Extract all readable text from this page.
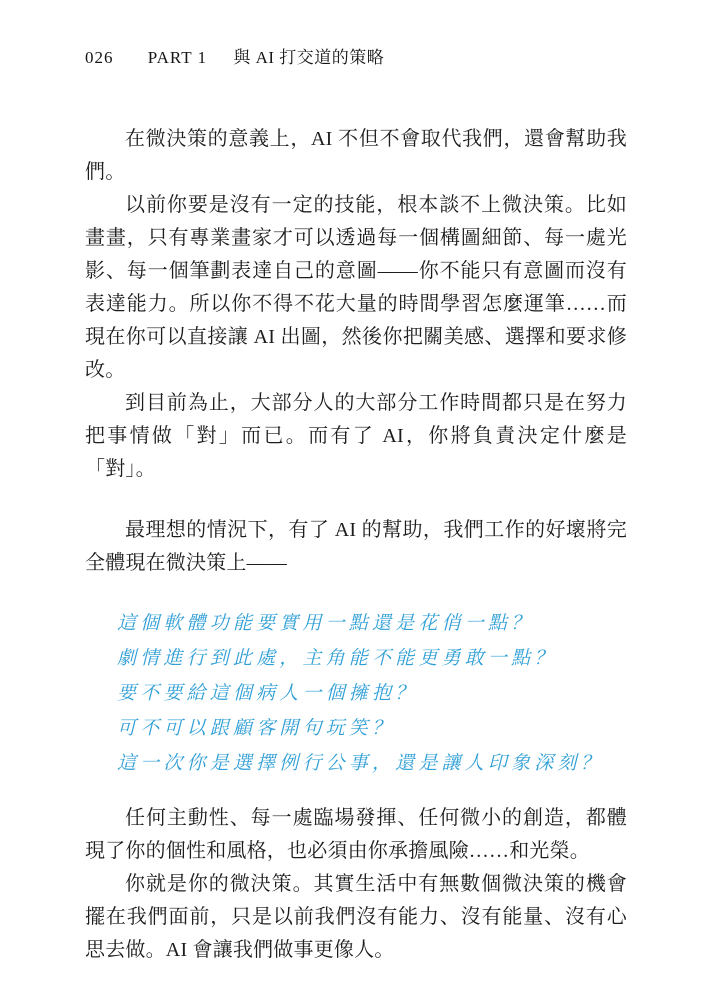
026 PART 1 與 AI 打交道的策略

在微決策的意義上，AI 不但不會取代我們，還會幫助我們。

以前你要是沒有一定的技能，根本談不上微決策。比如畫畫，只有專業畫家才可以透過每一個構圖細節、每一處光影、每一個筆劃表達自己的意圖——你不能只有意圖而沒有表達能力。所以你不得不花大量的時間學習怎麼運筆……而現在你可以直接讓 AI 出圖，然後你把關美感、選擇和要求修改。

到目前為止，大部分人的大部分工作時間都只是在努力把事情做「對」而已。而有了 AI，你將負責決定什麼是「對」。

最理想的情況下，有了 AI 的幫助，我們工作的好壞將完全體現在微決策上——

這個軟體功能要實用一點還是花俏一點？

劇情進行到此處，主角能不能更勇敢一點？

要不要給這個病人一個擁抱？

可不可以跟顧客開句玩笑？

這一次你是選擇例行公事，還是讓人印象深刻？

任何主動性、每一處臨場發揮、任何微小的創造，都體現了你的個性和風格，也必須由你承擔風險……和光榮。

你就是你的微決策。其實生活中有無數個微決策的機會擺在我們面前，只是以前我們沒有能力、沒有能量、沒有心思去做。AI 會讓我們做事更像人。
